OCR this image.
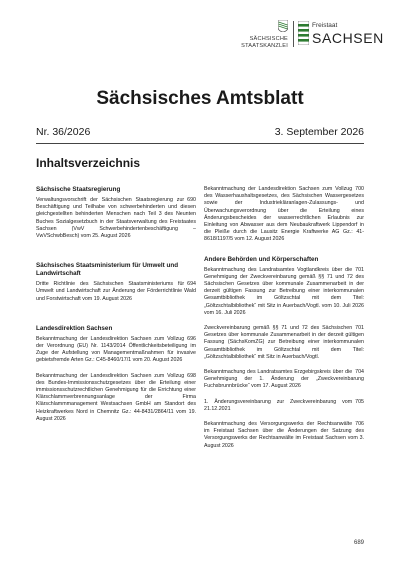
SÄCHSISCHE
STAATSKANZLEI
Freistaat
SACHSEN
Sächsisches Amtsblatt
Nr. 36/2026	3. September 2026
Inhaltsverzeichnis
Sächsische Staatsregierung
690
Verwaltungsvorschrift der Sächsischen Staatsregierung zur Beschäftigung und Teilhabe von schwerbehinderten und diesen gleichgestellten behinderten Menschen nach Teil 3 des Neunten Buches Sozialgesetzbuch in der Staatsverwaltung des Freistaates Sachsen (VwV Schwerbehindertenbeschäftigung – VwVSchwbBesch) vom 25. August 2026
Sächsisches Staatsministerium für Umwelt und Landwirtschaft
694
Dritte Richtlinie des Sächsischen Staatsministeriums für Umwelt und Landwirtschaft zur Änderung der Förderrichtlinie Wald und Forstwirtschaft vom 19. August 2026
Landesdirektion Sachsen
696
Bekanntmachung der Landesdirektion Sachsen zum Vollzug der Verordnung (EU) Nr. 1143/2014 Öffentlichkeitsbeteiligung im Zuge der Aufstellung von Managementmaßnahmen für invasive gebietsfremde Arten Gz.: C45-8460/17/1 vom 20. August 2026
698
Bekanntmachung der Landesdirektion Sachsen zum Vollzug des Bundes-Immissionsschutzgesetzes über die Erteilung einer immissionsschutzrechtlichen Genehmigung für die Errichtung einer Klärschlammverbrennungsanlage der Firma Klärschlammmanagement Westsachsen GmbH am Standort des Heizkraftwerkes Nord in Chemnitz Gz.: 44-8431/2864/11 vom 19. August 2026
700
Bekanntmachung der Landesdirektion Sachsen zum Vollzug des Wasserhaushaltsgesetzes, des Sächsischen Wassergesetzes sowie der Industriekläranlagen-Zulassungs- und Überwachungsverordnung über die Erteilung eines Änderungsbescheides der wasserrechtlichen Erlaubnis zur Einleitung von Abwasser aus dem Neubaukraftwerk Lippendorf in die Pleiße durch die Lausitz Energie Kraftwerke AG Gz.: 41-8618/1197/5 vom 12. August 2026
Andere Behörden und Körperschaften
701
Bekanntmachung des Landratsamtes Vogtlandkreis über die Genehmigung der Zweckvereinbarung gemäß §§ 71 und 72 des Sächsischen Gesetzes über kommunale Zusammenarbeit in der derzeit gültigen Fassung zur Betreibung einer interkommunalen Gesamtbibliothek im Göltzschtal mit dem Titel: „Göltzschtalbibliothek“ mit Sitz in Auerbach/Vogtl. vom 10. Juli 2026 vom 16. Juli 2026
701
Zweckvereinbarung gemäß §§ 71 und 72 des Sächsischen Gesetzes über kommunale Zusammenarbeit in der derzeit gültigen Fassung (SächsKomZG) zur Betreibung einer interkommunalen Gesamtbibliothek im Göltzschtal mit dem Titel: „Göltzschtalbibliothek“ mit Sitz in Auerbach/Vogtl.
704
Bekanntmachung des Landratsamtes Erzgebirgskreis über die Genehmigung der 1. Änderung der „Zweckvereinbarung Fuchsbrunnbrücke“ vom 17. August 2026
705
1. Änderungsvereinbarung zur Zweckvereinbarung vom 21.12.2021
706
Bekanntmachung des Versorgungswerks der Rechtsanwälte im Freistaat Sachsen über die Änderungen der Satzung des Versorgungswerks der Rechtsanwälte im Freistaat Sachsen vom 3. August 2026
689
